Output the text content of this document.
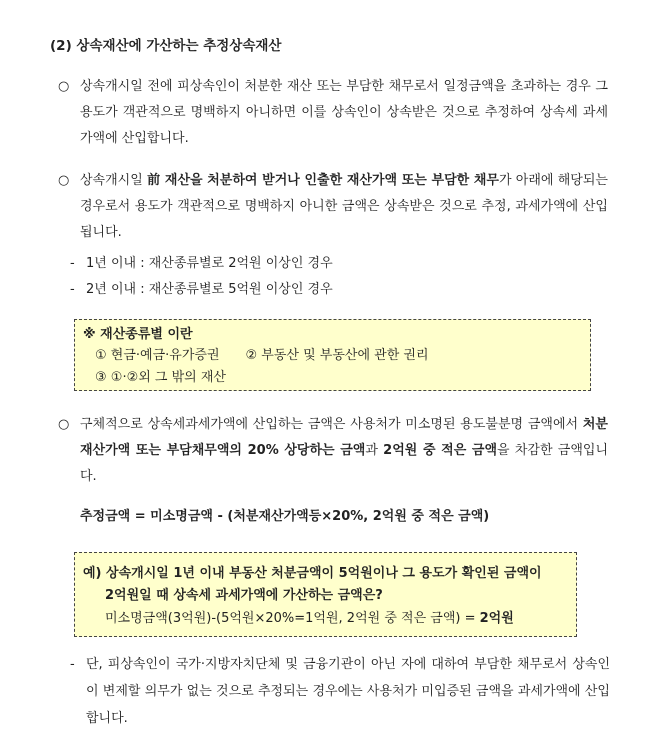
(2) 상속재산에 가산하는 추정상속재산
○ 상속개시일 전에 피상속인이 처분한 재산 또는 부담한 채무로서 일정금액을 초과하는 경우 그 용도가 객관적으로 명백하지 아니하면 이를 상속인이 상속받은 것으로 추정하여 상속세 과세가액에 산입합니다.
○ 상속개시일 前 재산을 처분하여 받거나 인출한 재산가액 또는 부담한 채무가 아래에 해당되는 경우로서 용도가 객관적으로 명백하지 아니한 금액은 상속받은 것으로 추정, 과세가액에 산입됩니다.
- 1년 이내 : 재산종류별로 2억원 이상인 경우
- 2년 이내 : 재산종류별로 5억원 이상인 경우
※ 재산종류별 이란
① 현금·예금·유가증권 ② 부동산 및 부동산에 관한 권리
③ ①·②외 그 밖의 재산
○ 구체적으로 상속세과세가액에 산입하는 금액은 사용처가 미소명된 용도불분명 금액에서 처분재산가액 또는 부담채무액의 20% 상당하는 금액과 2억원 중 적은 금액을 차감한 금액입니다.
추정금액 = 미소명금액 - (처분재산가액등×20%, 2억원 중 적은 금액)
예) 상속개시일 1년 이내 부동산 처분금액이 5억원이나 그 용도가 확인된 금액이
2억원일 때 상속세 과세가액에 가산하는 금액은?
미소명금액(3억원)-(5억원×20%=1억원, 2억원 중 적은 금액) = 2억원
- 단, 피상속인이 국가·지방자치단체 및 금융기관이 아닌 자에 대하여 부담한 채무로서 상속인이 변제할 의무가 없는 것으로 추정되는 경우에는 사용처가 미입증된 금액을 과세가액에 산입합니다.
